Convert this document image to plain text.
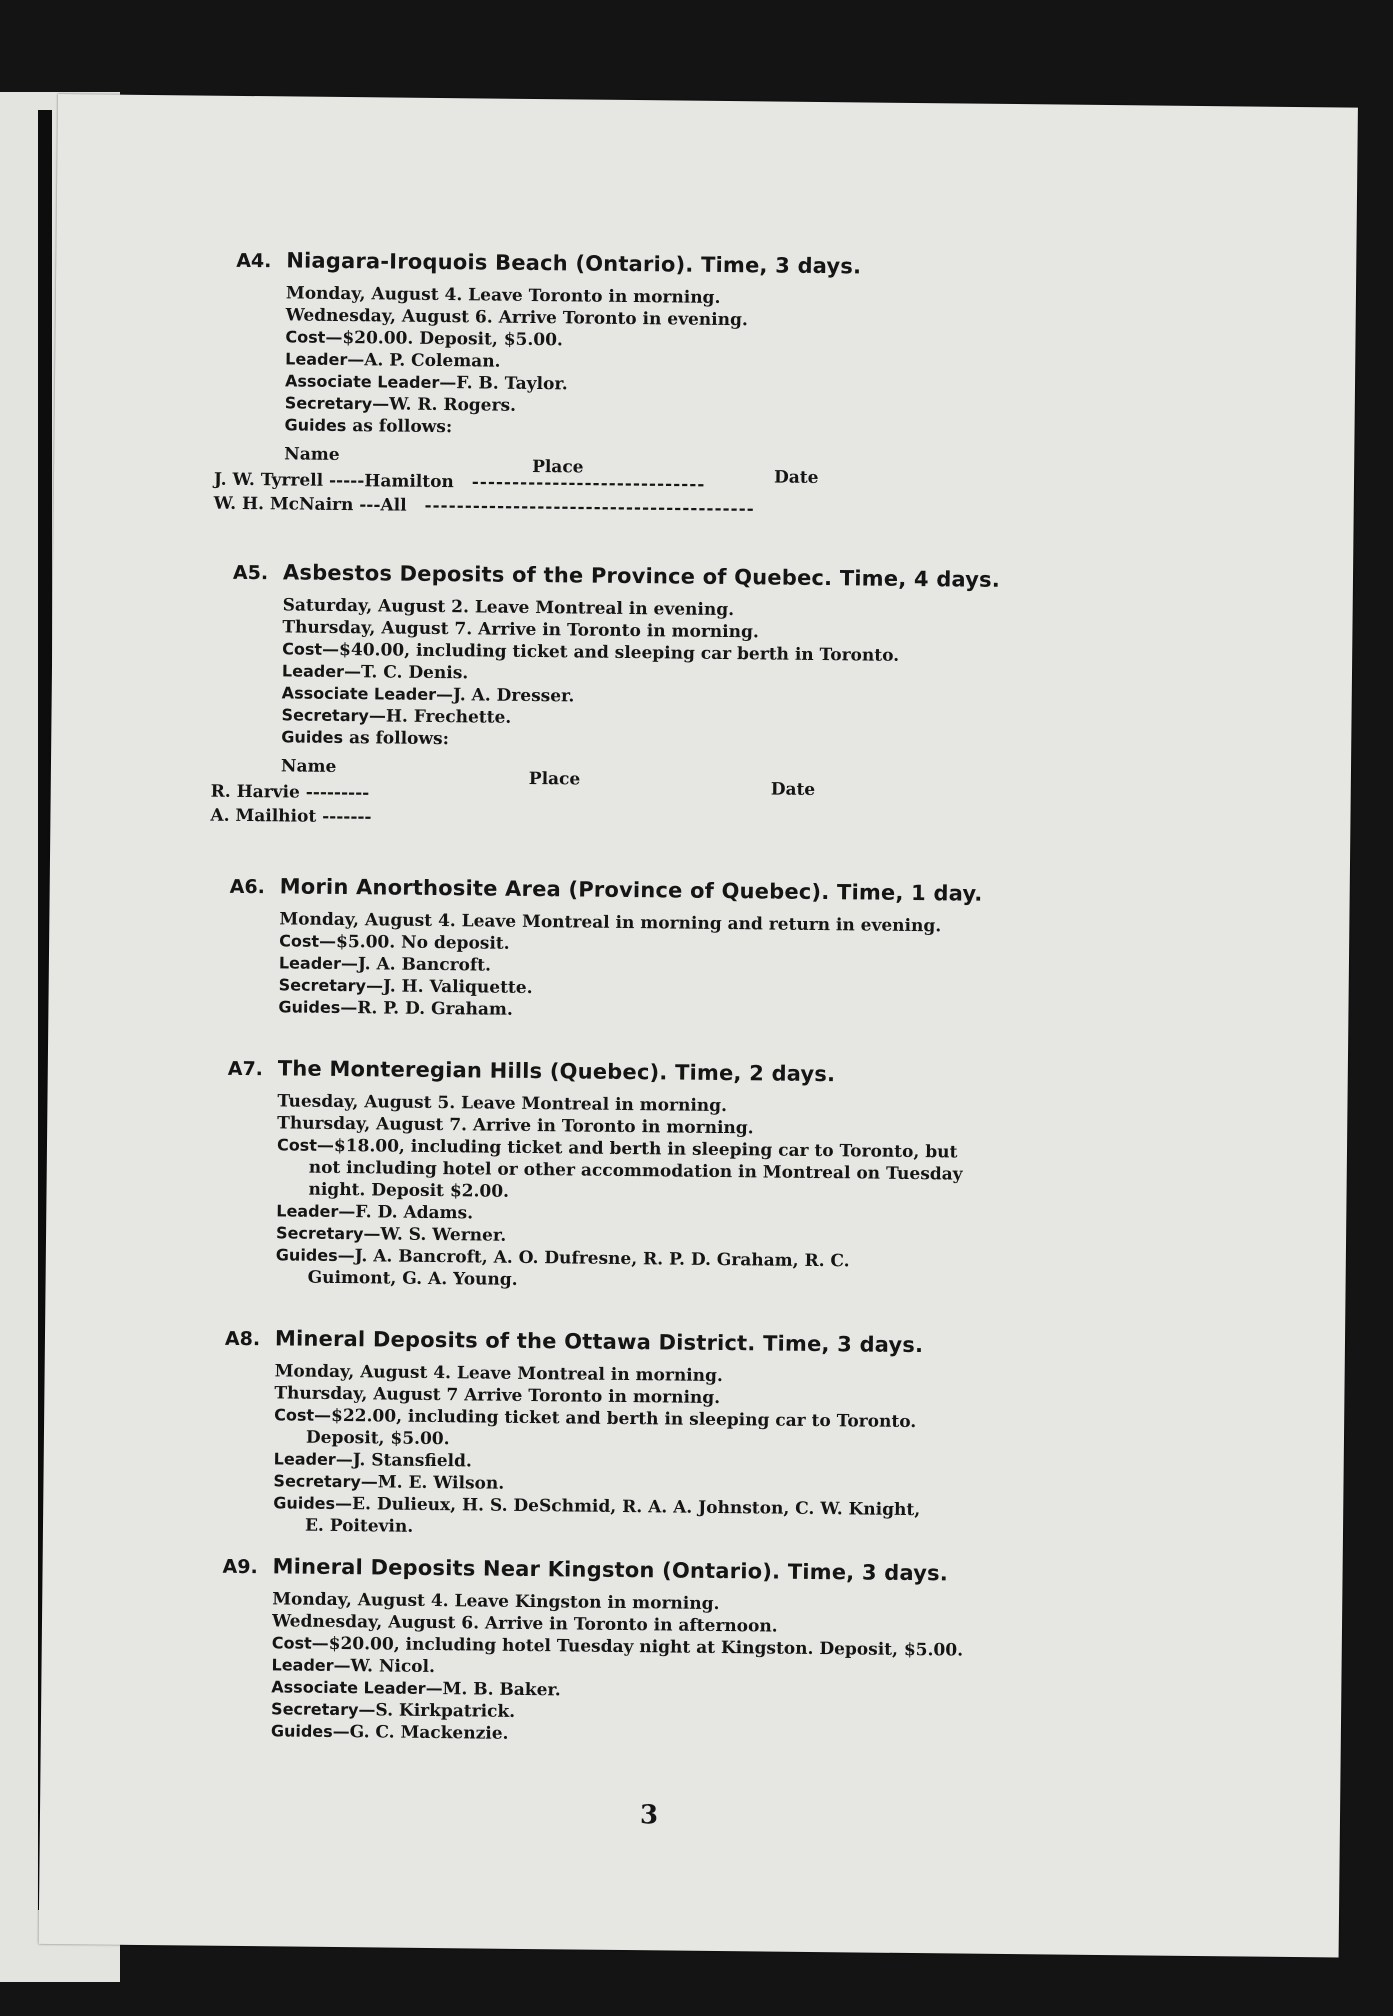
A4. Niagara-Iroquois Beach (Ontario). Time, 3 days.
Monday, August 4. Leave Toronto in morning.
Wednesday, August 6. Arrive Toronto in evening.
Cost—$20.00. Deposit, $5.00.
Leader—A. P. Coleman.
Associate Leader—F. B. Taylor.
Secretary—W. R. Rogers.
Guides as follows:
Name
Place
Date
J. W. Tyrrell -----Hamilton -----------------------------
W. H. McNairn ---All -----------------------------------------
A5. Asbestos Deposits of the Province of Quebec. Time, 4 days.
Saturday, August 2. Leave Montreal in evening.
Thursday, August 7. Arrive in Toronto in morning.
Cost—$40.00, including ticket and sleeping car berth in Toronto.
Leader—T. C. Denis.
Associate Leader—J. A. Dresser.
Secretary—H. Frechette.
Guides as follows:
Name
Place
Date
R. Harvie ---------
A. Mailhiot -------
A6. Morin Anorthosite Area (Province of Quebec). Time, 1 day.
Monday, August 4. Leave Montreal in morning and return in evening.
Cost—$5.00. No deposit.
Leader—J. A. Bancroft.
Secretary—J. H. Valiquette.
Guides—R. P. D. Graham.
A7. The Monteregian Hills (Quebec). Time, 2 days.
Tuesday, August 5. Leave Montreal in morning.
Thursday, August 7. Arrive in Toronto in morning.
Cost—$18.00, including ticket and berth in sleeping car to Toronto, but
not including hotel or other accommodation in Montreal on Tuesday
night. Deposit $2.00.
Leader—F. D. Adams.
Secretary—W. S. Werner.
Guides—J. A. Bancroft, A. O. Dufresne, R. P. D. Graham, R. C.
Guimont, G. A. Young.
A8. Mineral Deposits of the Ottawa District. Time, 3 days.
Monday, August 4. Leave Montreal in morning.
Thursday, August 7 Arrive Toronto in morning.
Cost—$22.00, including ticket and berth in sleeping car to Toronto.
Deposit, $5.00.
Leader—J. Stansfield.
Secretary—M. E. Wilson.
Guides—E. Dulieux, H. S. DeSchmid, R. A. A. Johnston, C. W. Knight,
E. Poitevin.
A9. Mineral Deposits Near Kingston (Ontario). Time, 3 days.
Monday, August 4. Leave Kingston in morning.
Wednesday, August 6. Arrive in Toronto in afternoon.
Cost—$20.00, including hotel Tuesday night at Kingston. Deposit, $5.00.
Leader—W. Nicol.
Associate Leader—M. B. Baker.
Secretary—S. Kirkpatrick.
Guides—G. C. Mackenzie.
3
